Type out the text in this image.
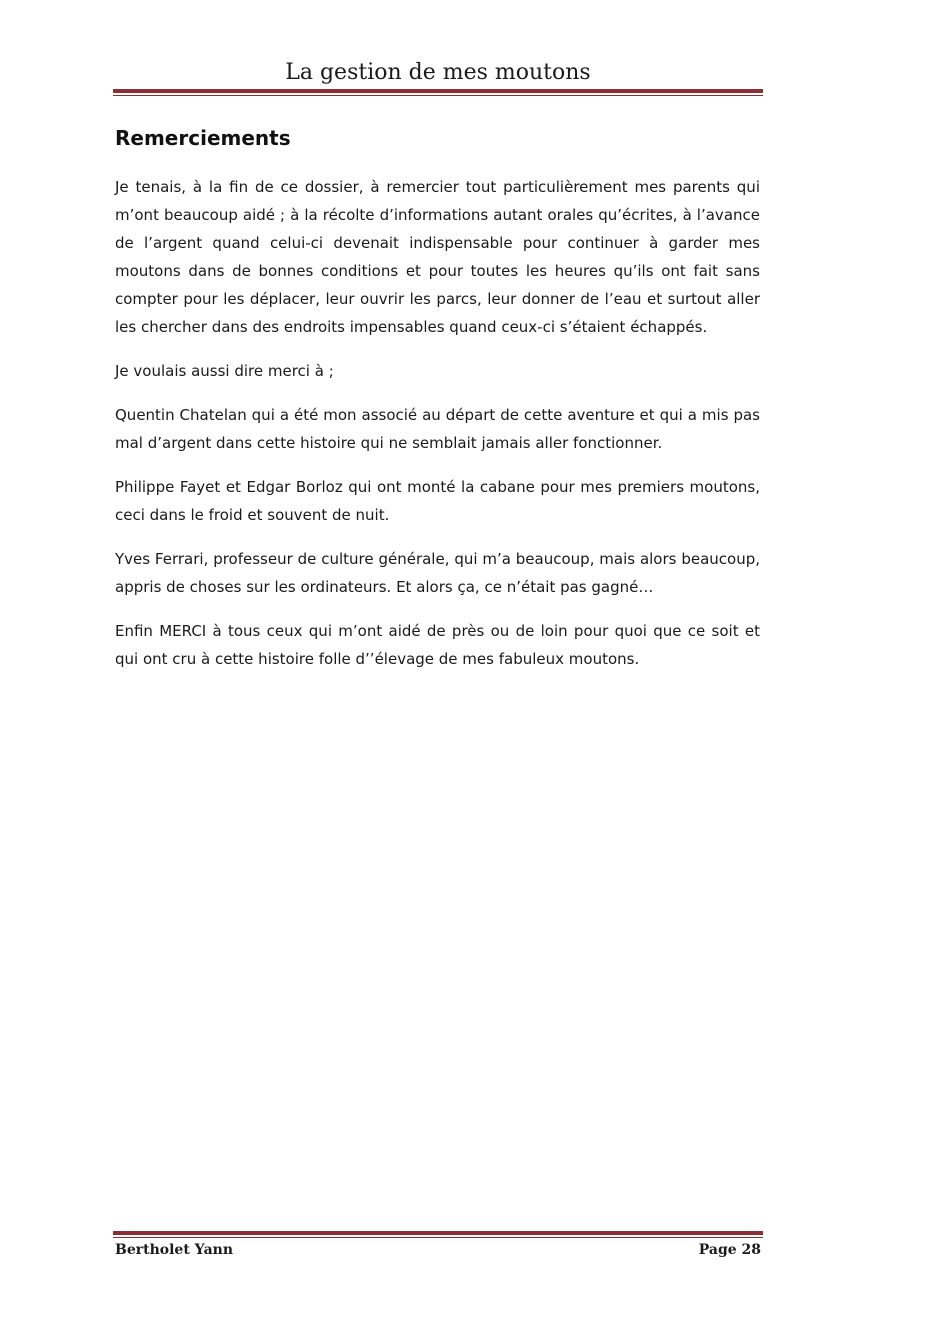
La gestion de mes moutons
Remerciements

Je tenais, à la fin de ce dossier, à remercier tout particulièrement mes parents qui m’ont beaucoup aidé ; à la récolte d’informations autant orales qu’écrites, à l’avance de l’argent quand celui-ci devenait indispensable pour continuer à garder mes moutons dans de bonnes conditions et pour toutes les heures qu’ils ont fait sans compter pour les déplacer, leur ouvrir les parcs, leur donner de l’eau et surtout aller les chercher dans des endroits impensables quand ceux-ci s’étaient échappés.

Je voulais aussi dire merci à ;

Quentin Chatelan qui a été mon associé au départ de cette aventure et qui a mis pas mal d’argent dans cette histoire qui ne semblait jamais aller fonctionner.

Philippe Fayet et Edgar Borloz qui ont monté la cabane pour mes premiers moutons, ceci dans le froid et souvent de nuit.

Yves Ferrari, professeur de culture générale, qui m’a beaucoup, mais alors beaucoup, appris de choses sur les ordinateurs. Et alors ça, ce n’était pas gagné…

Enfin MERCI à tous ceux qui m’ont aidé de près ou de loin pour quoi que ce soit et qui ont cru à cette histoire folle d’’élevage de mes fabuleux moutons.

Bertholet Yann	Page 28
